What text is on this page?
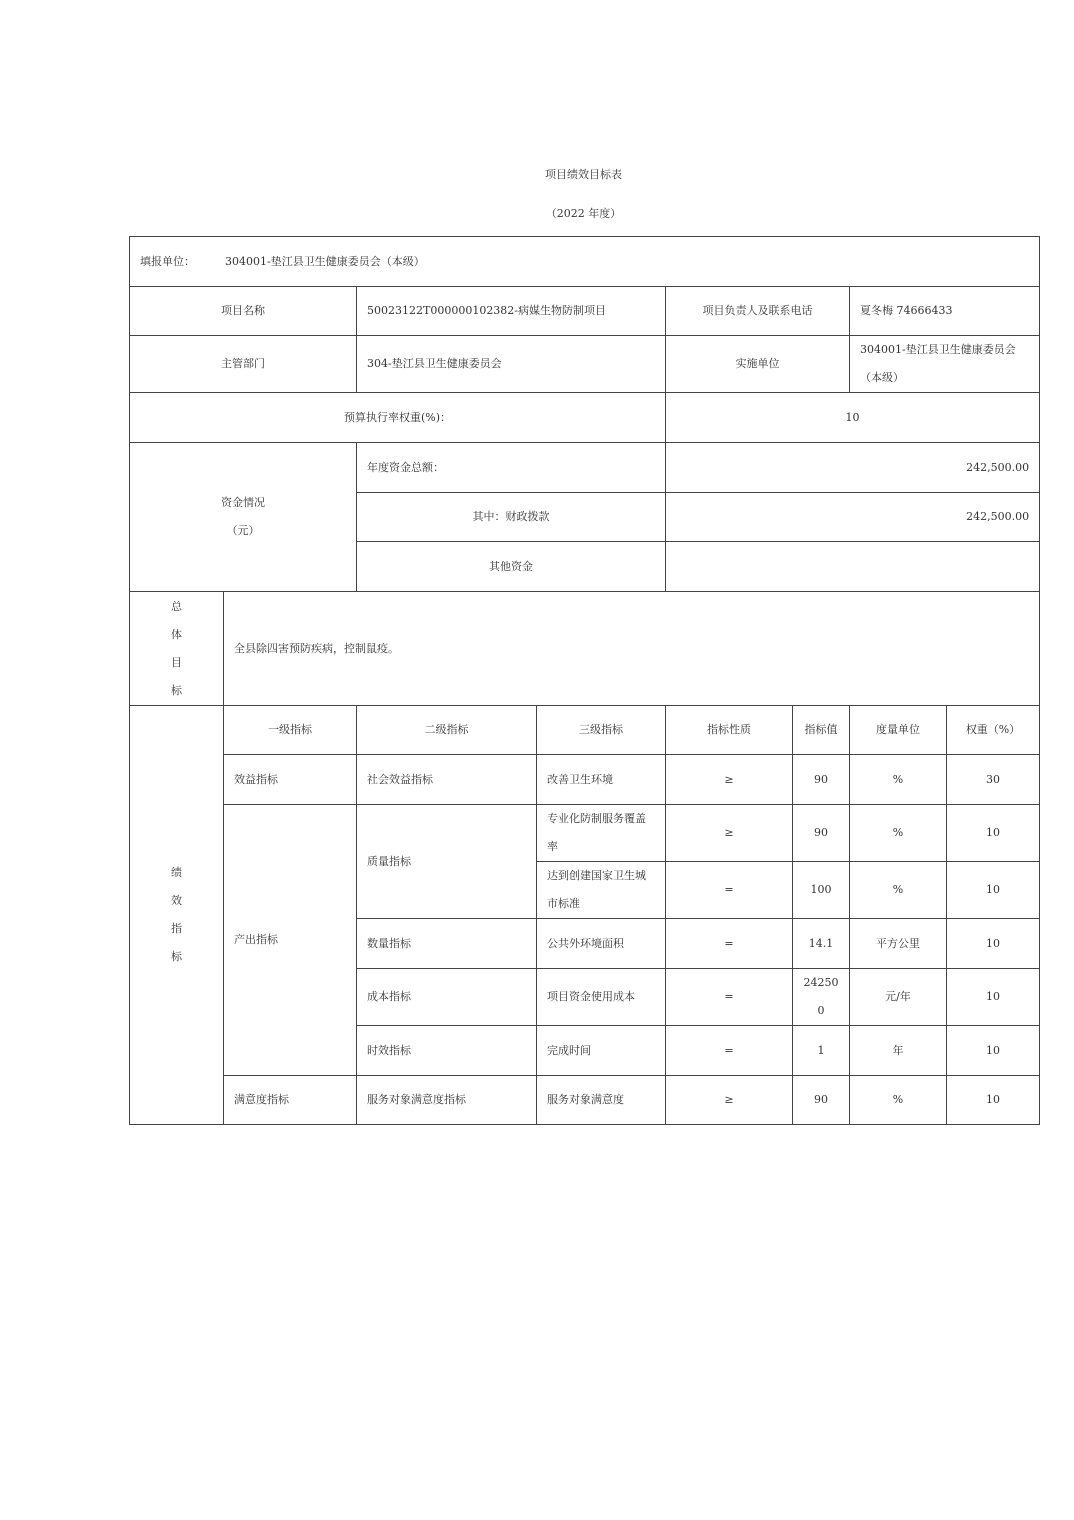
项目绩效目标表
（2022 年度）
填报单位： 304001-垫江县卫生健康委员会（本级）							
项目名称		50023122T000000102382-病媒生物防制项目		项目负责人及联系电话		夏冬梅 74666433	
主管部门		304-垫江县卫生健康委员会		实施单位		304001-垫江县卫生健康委员会（本级）	
预算执行率权重(%)：				10			

资金情况
（元）		年度资金总额：		242,500.00			
		其中：财政拨款		242,500.00			
		其他资金					

总
体
目
标	全县除四害预防疾病，控制鼠疫。						

绩
效
指
标	一级指标	二级指标	三级指标	指标性质	指标值	度量单位	权重（%）
	效益指标	社会效益指标	改善卫生环境	≥	90	%	30
	产出指标	质量指标	专业化防制服务覆盖率	≥	90	%	10
			达到创建国家卫生城市标准	=	100	%	10
		数量指标	公共外环境面积	=	14.1	平方公里	10
		成本指标	项目资金使用成本	=	242500	元/年	10
		时效指标	完成时间	=	1	年	10
	满意度指标	服务对象满意度指标	服务对象满意度	≥	90	%	10
